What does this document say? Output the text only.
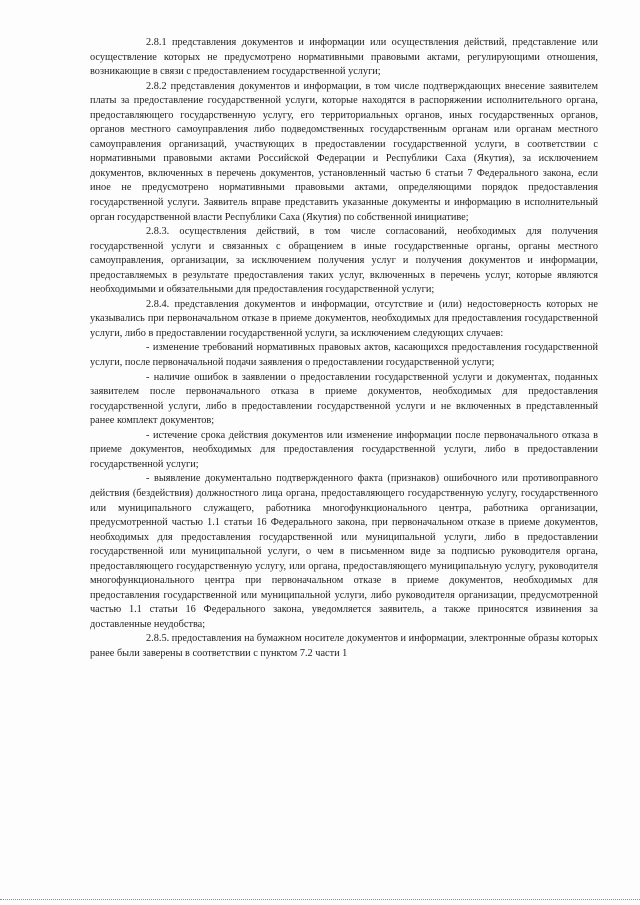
2.8.1 представления документов и информации или осуществления действий, представление или осуществление которых не предусмотрено нормативными правовыми актами, регулирующими отношения, возникающие в связи с предоставлением государственной услуги;

2.8.2 представления документов и информации, в том числе подтверждающих внесение заявителем платы за предоставление государственной услуги, которые находятся в распоряжении исполнительного органа, предоставляющего государственную услугу, его территориальных органов, иных государственных органов, органов местного самоуправления либо подведомственных государственным органам или органам местного самоуправления организаций, участвующих в предоставлении государственной услуги, в соответствии с нормативными правовыми актами Российской Федерации и Республики Саха (Якутия), за исключением документов, включенных в перечень документов, установленный частью 6 статьи 7 Федерального закона, если иное не предусмотрено нормативными правовыми актами, определяющими порядок предоставления государственной услуги. Заявитель вправе представить указанные документы и информацию в исполнительный орган государственной власти Республики Саха (Якутия) по собственной инициативе;

2.8.3. осуществления действий, в том числе согласований, необходимых для получения государственной услуги и связанных с обращением в иные государственные органы, органы местного самоуправления, организации, за исключением получения услуг и получения документов и информации, предоставляемых в результате предоставления таких услуг, включенных в перечень услуг, которые являются необходимыми и обязательными для предоставления государственной услуги;

2.8.4. представления документов и информации, отсутствие и (или) недостоверность которых не указывались при первоначальном отказе в приеме документов, необходимых для предоставления государственной услуги, либо в предоставлении государственной услуги, за исключением следующих случаев:

- изменение требований нормативных правовых актов, касающихся предоставления государственной услуги, после первоначальной подачи заявления о предоставлении государственной услуги;

- наличие ошибок в заявлении о предоставлении государственной услуги и документах, поданных заявителем после первоначального отказа в приеме документов, необходимых для предоставления государственной услуги, либо в предоставлении государственной услуги и не включенных в представленный ранее комплект документов;

- истечение срока действия документов или изменение информации после первоначального отказа в приеме документов, необходимых для предоставления государственной услуги, либо в предоставлении государственной услуги;

- выявление документально подтвержденного факта (признаков) ошибочного или противоправного действия (бездействия) должностного лица органа, предоставляющего государственную услугу, государственного или муниципального служащего, работника многофункционального центра, работника организации, предусмотренной частью 1.1 статьи 16 Федерального закона, при первоначальном отказе в приеме документов, необходимых для предоставления государственной или муниципальной услуги, либо в предоставлении государственной или муниципальной услуги, о чем в письменном виде за подписью руководителя органа, предоставляющего государственную услугу, или органа, предоставляющего муниципальную услугу, руководителя многофункционального центра при первоначальном отказе в приеме документов, необходимых для предоставления государственной или муниципальной услуги, либо руководителя организации, предусмотренной частью 1.1 статьи 16 Федерального закона, уведомляется заявитель, а также приносятся извинения за доставленные неудобства;

2.8.5. предоставления на бумажном носителе документов и информации, электронные образы которых ранее были заверены в соответствии с пунктом 7.2 части 1
